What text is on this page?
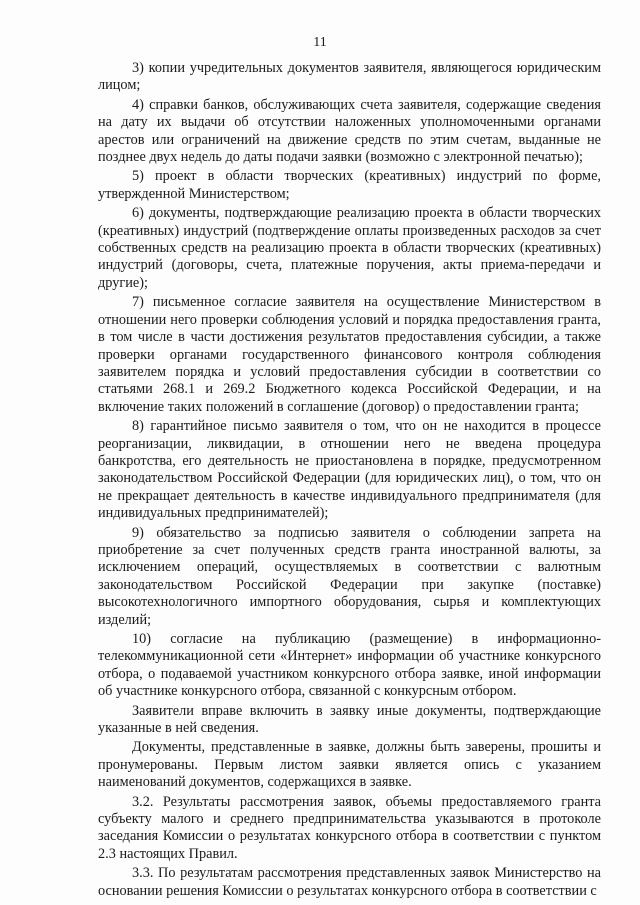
11

3) копии учредительных документов заявителя, являющегося юридическим лицом;

4) справки банков, обслуживающих счета заявителя, содержащие сведения на дату их выдачи об отсутствии наложенных уполномоченными органами арестов или ограничений на движение средств по этим счетам, выданные не позднее двух недель до даты подачи заявки (возможно с электронной печатью);

5) проект в области творческих (креативных) индустрий по форме, утвержденной Министерством;

6) документы, подтверждающие реализацию проекта в области творческих (креативных) индустрий (подтверждение оплаты произведенных расходов за счет собственных средств на реализацию проекта в области творческих (креативных) индустрий (договоры, счета, платежные поручения, акты приема-передачи и другие);

7) письменное согласие заявителя на осуществление Министерством в отношении него проверки соблюдения условий и порядка предоставления гранта, в том числе в части достижения результатов предоставления субсидии, а также проверки органами государственного финансового контроля соблюдения заявителем порядка и условий предоставления субсидии в соответствии со статьями 268.1 и 269.2 Бюджетного кодекса Российской Федерации, и на включение таких положений в соглашение (договор) о предоставлении гранта;

8) гарантийное письмо заявителя о том, что он не находится в процессе реорганизации, ликвидации, в отношении него не введена процедура банкротства, его деятельность не приостановлена в порядке, предусмотренном законодательством Российской Федерации (для юридических лиц), о том, что он не прекращает деятельность в качестве индивидуального предпринимателя (для индивидуальных предпринимателей);

9) обязательство за подписью заявителя о соблюдении запрета на приобретение за счет полученных средств гранта иностранной валюты, за исключением операций, осуществляемых в соответствии с валютным законодательством Российской Федерации при закупке (поставке) высокотехнологичного импортного оборудования, сырья и комплектующих изделий;

10) согласие на публикацию (размещение) в информационно-телекоммуникационной сети «Интернет» информации об участнике конкурсного отбора, о подаваемой участником конкурсного отбора заявке, иной информации об участнике конкурсного отбора, связанной с конкурсным отбором.

Заявители вправе включить в заявку иные документы, подтверждающие указанные в ней сведения.

Документы, представленные в заявке, должны быть заверены, прошиты и пронумерованы. Первым листом заявки является опись с указанием наименований документов, содержащихся в заявке.

3.2. Результаты рассмотрения заявок, объемы предоставляемого гранта субъекту малого и среднего предпринимательства указываются в протоколе заседания Комиссии о результатах конкурсного отбора в соответствии с пунктом 2.3 настоящих Правил.

3.3. По результатам рассмотрения представленных заявок Министерство на основании решения Комиссии о результатах конкурсного отбора в соответствии с
